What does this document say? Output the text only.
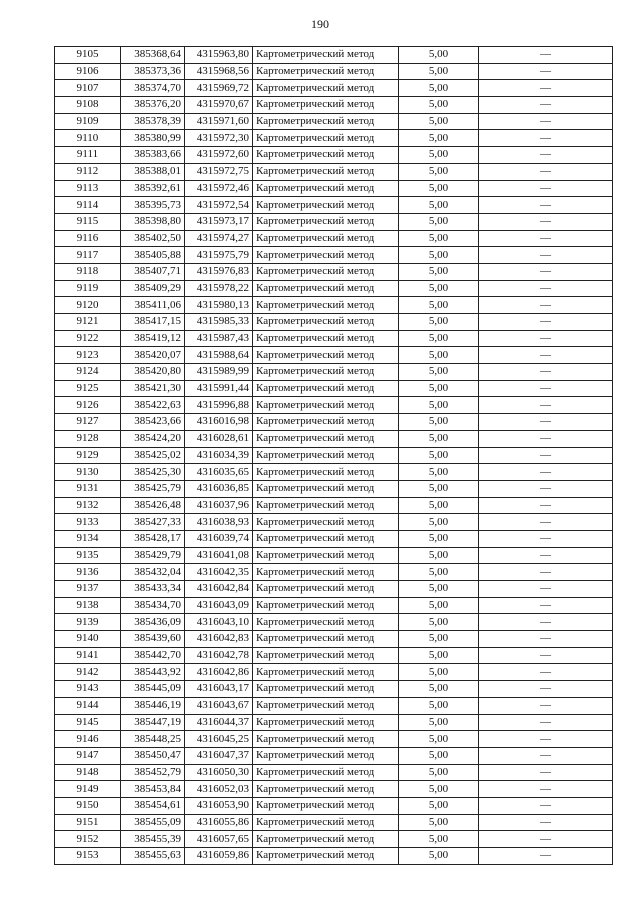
190
9105	385368,64	4315963,80	Картометрический метод	5,00	—
9106	385373,36	4315968,56	Картометрический метод	5,00	—
9107	385374,70	4315969,72	Картометрический метод	5,00	—
9108	385376,20	4315970,67	Картометрический метод	5,00	—
9109	385378,39	4315971,60	Картометрический метод	5,00	—
9110	385380,99	4315972,30	Картометрический метод	5,00	—
9111	385383,66	4315972,60	Картометрический метод	5,00	—
9112	385388,01	4315972,75	Картометрический метод	5,00	—
9113	385392,61	4315972,46	Картометрический метод	5,00	—
9114	385395,73	4315972,54	Картометрический метод	5,00	—
9115	385398,80	4315973,17	Картометрический метод	5,00	—
9116	385402,50	4315974,27	Картометрический метод	5,00	—
9117	385405,88	4315975,79	Картометрический метод	5,00	—
9118	385407,71	4315976,83	Картометрический метод	5,00	—
9119	385409,29	4315978,22	Картометрический метод	5,00	—
9120	385411,06	4315980,13	Картометрический метод	5,00	—
9121	385417,15	4315985,33	Картометрический метод	5,00	—
9122	385419,12	4315987,43	Картометрический метод	5,00	—
9123	385420,07	4315988,64	Картометрический метод	5,00	—
9124	385420,80	4315989,99	Картометрический метод	5,00	—
9125	385421,30	4315991,44	Картометрический метод	5,00	—
9126	385422,63	4315996,88	Картометрический метод	5,00	—
9127	385423,66	4316016,98	Картометрический метод	5,00	—
9128	385424,20	4316028,61	Картометрический метод	5,00	—
9129	385425,02	4316034,39	Картометрический метод	5,00	—
9130	385425,30	4316035,65	Картометрический метод	5,00	—
9131	385425,79	4316036,85	Картометрический метод	5,00	—
9132	385426,48	4316037,96	Картометрический метод	5,00	—
9133	385427,33	4316038,93	Картометрический метод	5,00	—
9134	385428,17	4316039,74	Картометрический метод	5,00	—
9135	385429,79	4316041,08	Картометрический метод	5,00	—
9136	385432,04	4316042,35	Картометрический метод	5,00	—
9137	385433,34	4316042,84	Картометрический метод	5,00	—
9138	385434,70	4316043,09	Картометрический метод	5,00	—
9139	385436,09	4316043,10	Картометрический метод	5,00	—
9140	385439,60	4316042,83	Картометрический метод	5,00	—
9141	385442,70	4316042,78	Картометрический метод	5,00	—
9142	385443,92	4316042,86	Картометрический метод	5,00	—
9143	385445,09	4316043,17	Картометрический метод	5,00	—
9144	385446,19	4316043,67	Картометрический метод	5,00	—
9145	385447,19	4316044,37	Картометрический метод	5,00	—
9146	385448,25	4316045,25	Картометрический метод	5,00	—
9147	385450,47	4316047,37	Картометрический метод	5,00	—
9148	385452,79	4316050,30	Картометрический метод	5,00	—
9149	385453,84	4316052,03	Картометрический метод	5,00	—
9150	385454,61	4316053,90	Картометрический метод	5,00	—
9151	385455,09	4316055,86	Картометрический метод	5,00	—
9152	385455,39	4316057,65	Картометрический метод	5,00	—
9153	385455,63	4316059,86	Картометрический метод	5,00	—
